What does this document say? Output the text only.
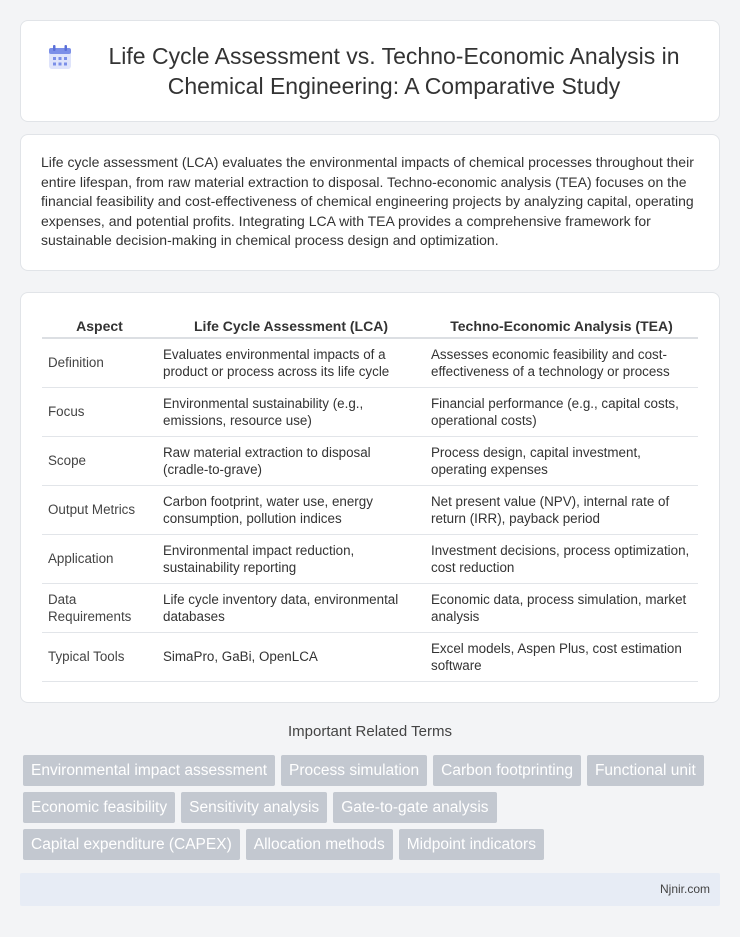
Life Cycle Assessment vs. Techno-Economic Analysis in Chemical Engineering: A Comparative Study

Life cycle assessment (LCA) evaluates the environmental impacts of chemical processes throughout their entire lifespan, from raw material extraction to disposal. Techno-economic analysis (TEA) focuses on the financial feasibility and cost-effectiveness of chemical engineering projects by analyzing capital, operating expenses, and potential profits. Integrating LCA with TEA provides a comprehensive framework for sustainable decision-making in chemical process design and optimization.

Aspect	Life Cycle Assessment (LCA)	Techno-Economic Analysis (TEA)
Definition	Evaluates environmental impacts of a product or process across its life cycle	Assesses economic feasibility and cost-effectiveness of a technology or process
Focus	Environmental sustainability (e.g., emissions, resource use)	Financial performance (e.g., capital costs, operational costs)
Scope	Raw material extraction to disposal (cradle-to-grave)	Process design, capital investment, operating expenses
Output Metrics	Carbon footprint, water use, energy consumption, pollution indices	Net present value (NPV), internal rate of return (IRR), payback period
Application	Environmental impact reduction, sustainability reporting	Investment decisions, process optimization, cost reduction
Data Requirements	Life cycle inventory data, environmental databases	Economic data, process simulation, market analysis
Typical Tools	SimaPro, GaBi, OpenLCA	Excel models, Aspen Plus, cost estimation software
Important Related Terms
Environmental impact assessment	Process simulation	Carbon footprinting	Functional unit
Economic feasibility	Sensitivity analysis	Gate-to-gate analysis
Capital expenditure (CAPEX)	Allocation methods	Midpoint indicators
Njnir.com
